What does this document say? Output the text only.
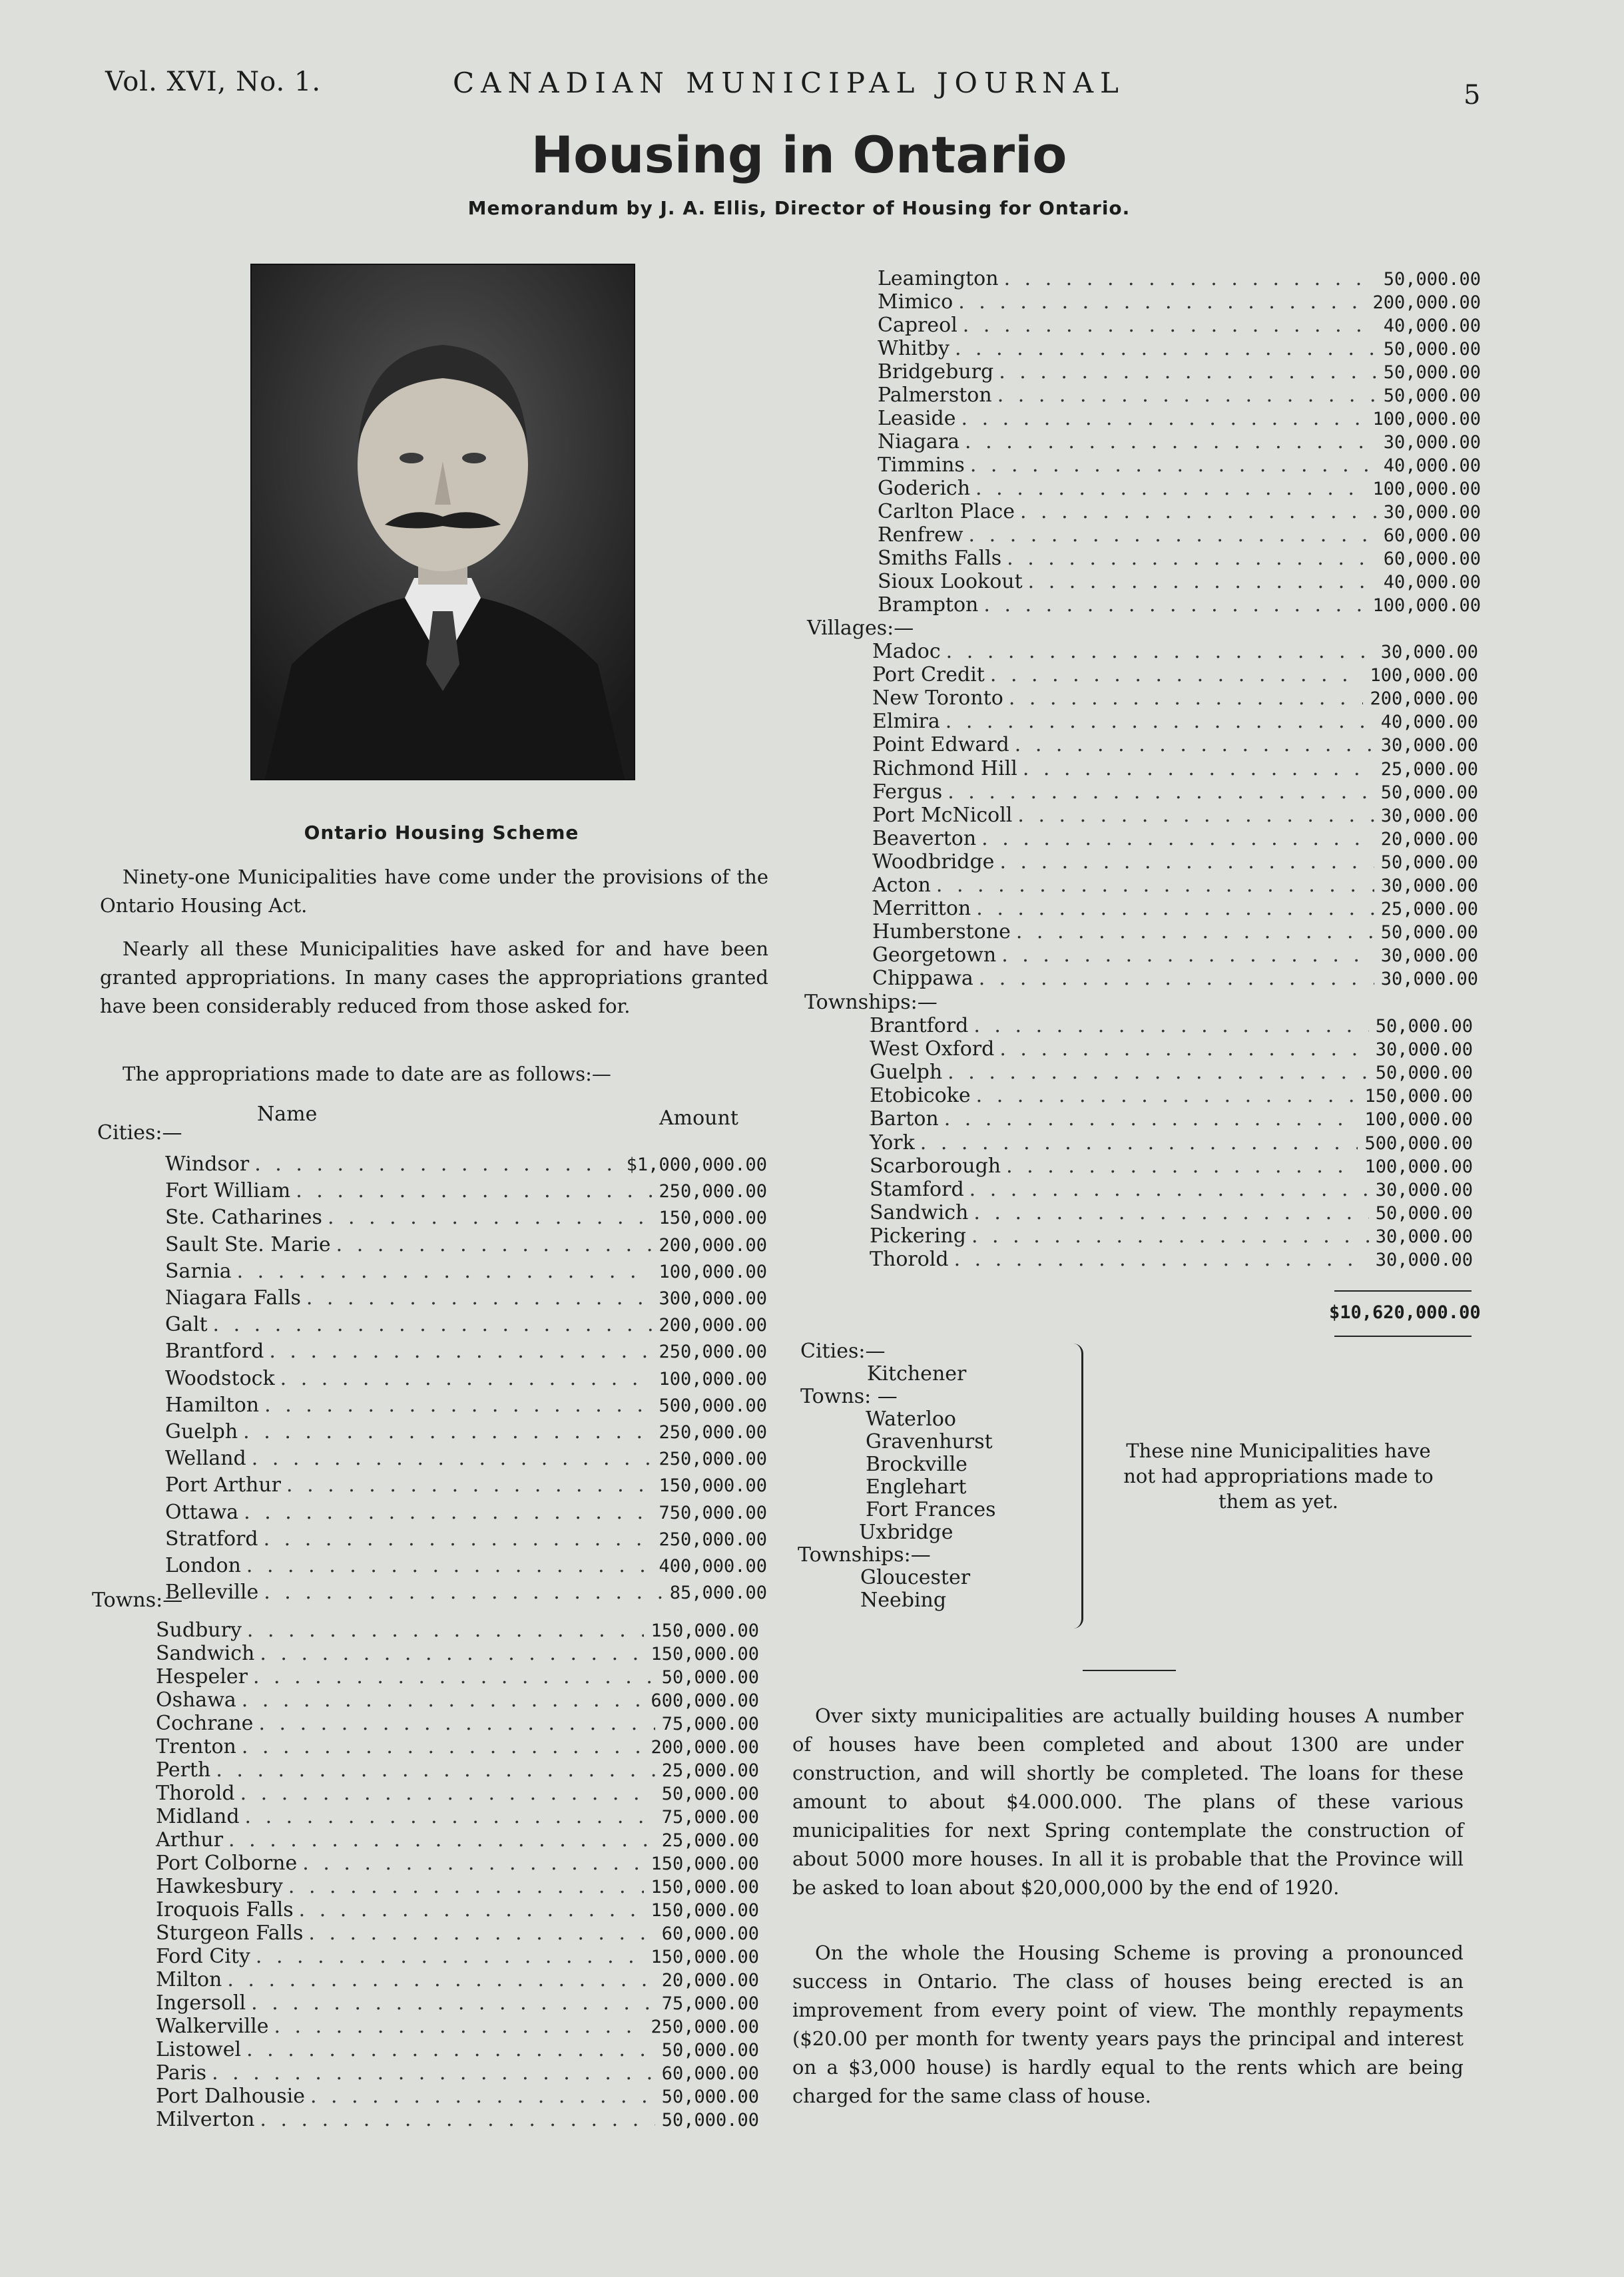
Vol. XVI, No. 1.	CANADIAN MUNICIPAL JOURNAL	5
Housing in Ontario
Memorandum by J. A. Ellis, Director of Housing for Ontario.
Ontario Housing Scheme
Ninety-one Municipalities have come under the provisions of the Ontario Housing Act.
Nearly all these Municipalities have asked for and have been granted appropriations. In many cases the appropriations granted have been considerably reduced from those asked for.
The appropriations made to date are as follows:—
Name	Amount
Cities:—
Towns:—
Villages:—
Townships:—
Windsor . . .	$1,000,000.00
Fort William . . .	250,000.00
Ste. Catharines . . .	150,000.00
Sault Ste. Marie . . .	200,000.00
Sarnia . . .	100,000.00
Niagara Falls . . .	300,000.00
Galt . . .	200,000.00
Brantford . . .	250,000.00
Woodstock . . .	100,000.00
Hamilton . . .	500,000.00
Guelph . . .	250,000.00
Welland . . .	250,000.00
Port Arthur . . .	150,000.00
Ottawa . . .	750,000.00
Stratford . . .	250,000.00
London . . .	400,000.00
Belleville . . .	85,000.00
Sudbury . . .	150,000.00
Sandwich . . .	150,000.00
Hespeler . . .	50,000.00
Oshawa . . .	600,000.00
Cochrane . . .	75,000.00
Trenton . . .	200,000.00
Perth . . .	25,000.00
Thorold . . .	50,000.00
Midland . . .	75,000.00
Arthur . . .	25,000.00
Port Colborne . . .	150,000.00
Hawkesbury . . .	150,000.00
Iroquois Falls . . .	150,000.00
Sturgeon Falls . . .	60,000.00
Ford City . . .	150,000.00
Milton . . .	20,000.00
Ingersoll . . .	75,000.00
Walkerville . . .	250,000.00
Listowel . . .	50,000.00
Paris . . .	60,000.00
Port Dalhousie . . .	50,000.00
Milverton . . .	50,000.00
Leamington . . .	50,000.00
Mimico . . .	200,000.00
Capreol . . .	40,000.00
Whitby . . .	50,000.00
Bridgeburg . . .	50,000.00
Palmerston . . .	50,000.00
Leaside . . .	100,000.00
Niagara . . .	30,000.00
Timmins . . .	40,000.00
Goderich . . .	100,000.00
Carlton Place . . .	30,000.00
Renfrew . . .	60,000.00
Smiths Falls . . .	60,000.00
Sioux Lookout . . .	40,000.00
Brampton . . .	100,000.00
Madoc . . .	30,000.00
Port Credit . . .	100,000.00
New Toronto . . .	200,000.00
Elmira . . .	40,000.00
Point Edward . . .	30,000.00
Richmond Hill . . .	25,000.00
Fergus . . .	50,000.00
Port McNicoll . . .	30,000.00
Beaverton . . .	20,000.00
Woodbridge . . .	50,000.00
Acton . . .	30,000.00
Merritton . . .	25,000.00
Humberstone . . .	50,000.00
Georgetown . . .	30,000.00
Chippawa . . .	30,000.00
Brantford . . .	50,000.00
West Oxford . . .	30,000.00
Guelph . . .	50,000.00
Etobicoke . . .	150,000.00
Barton . . .	100,000.00
York . . .	500,000.00
Scarborough . . .	100,000.00
Stamford . . .	30,000.00
Sandwich . . .	50,000.00
Pickering . . .	30,000.00
Thorold . . .	30,000.00
$10,620,000.00
Cities:—
Kitchener
Towns: —
Waterloo
Gravenhurst
Brockville
Englehart
Fort Frances
Uxbridge
Townships:—
Gloucester
Neebing
These nine Municipalities have not had appropriations made to them as yet.
Over sixty municipalities are actually building houses A number of houses have been completed and about 1300 are under construction, and will shortly be completed. The loans for these amount to about $4.000.000. The plans of these various municipalities for next Spring contemplate the construction of about 5000 more houses. In all it is probable that the Province will be asked to loan about $20,000,000 by the end of 1920.
On the whole the Housing Scheme is proving a pronounced success in Ontario. The class of houses being erected is an improvement from every point of view. The monthly repayments ($20.00 per month for twenty years pays the principal and interest on a $3,000 house) is hardly equal to the rents which are being charged for the same class of house.
